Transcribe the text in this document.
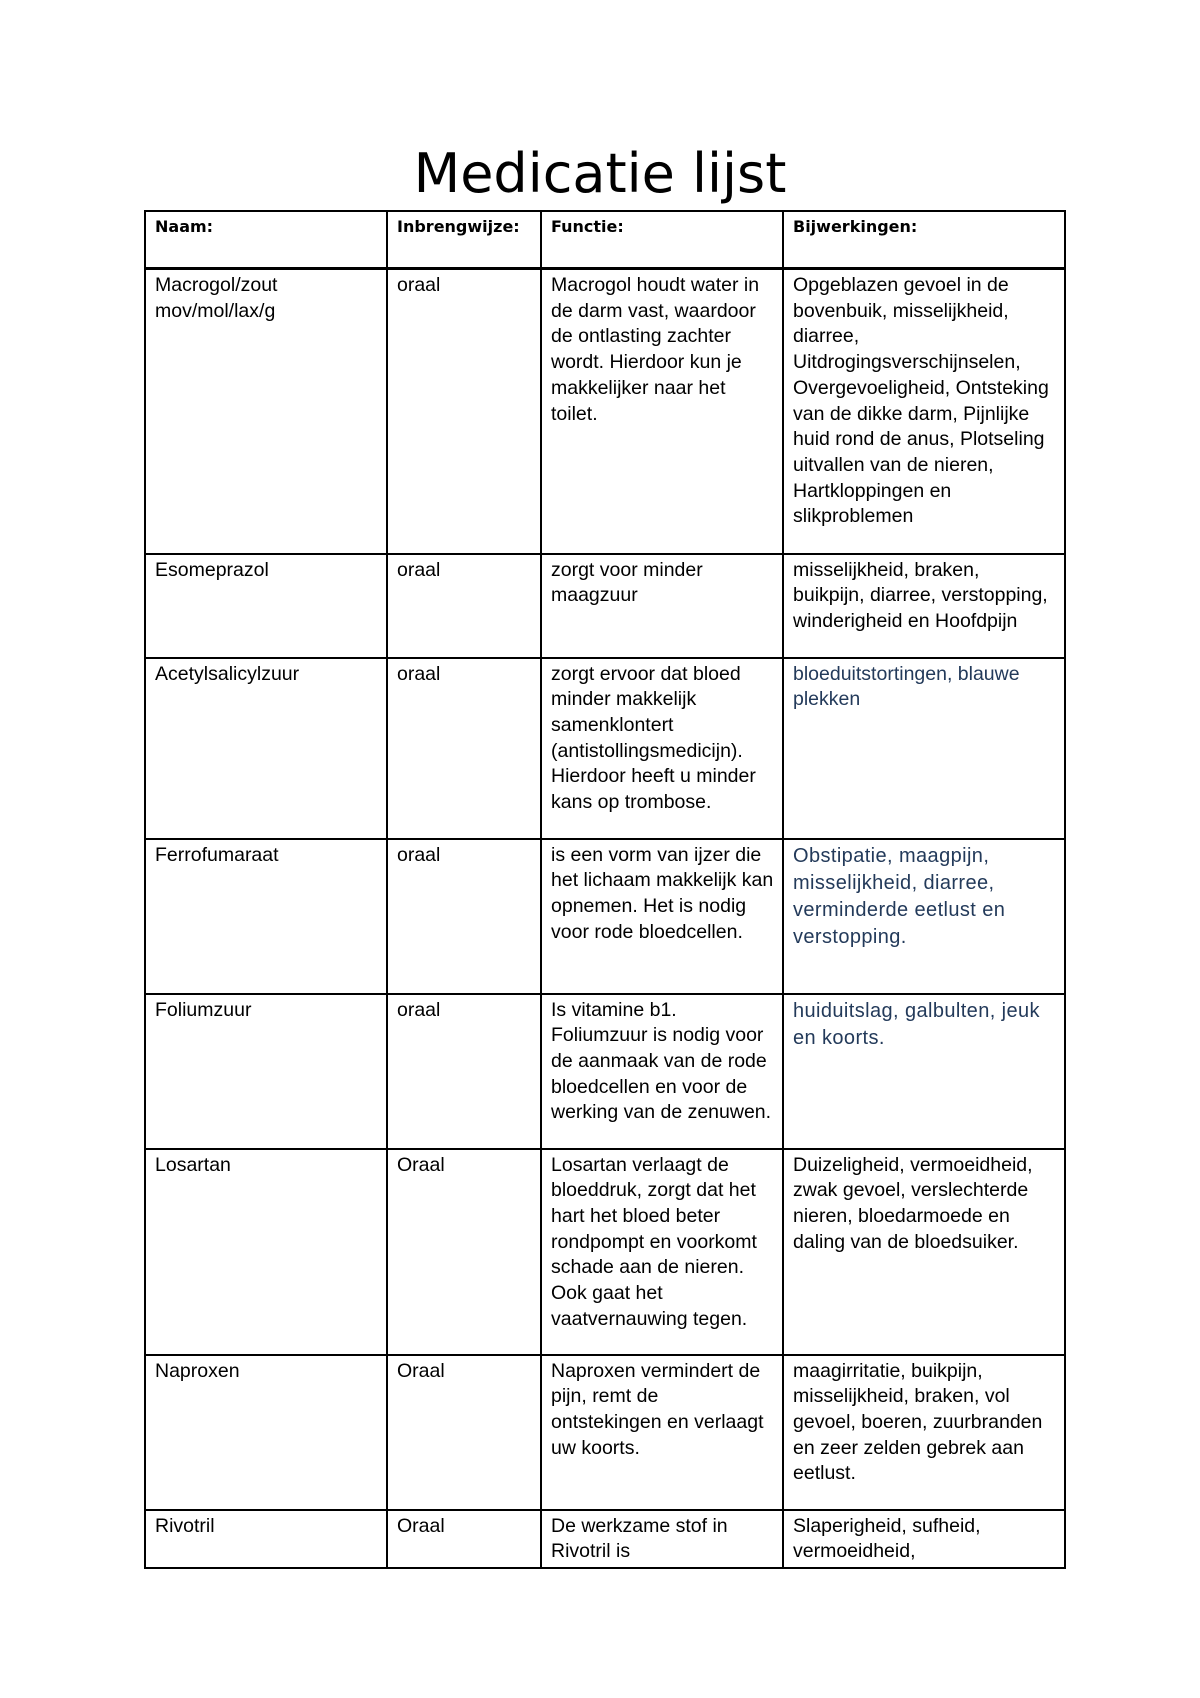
Medicatie lijst
Naam:	Inbrengwijze:	Functie:	Bijwerkingen:
Macrogol/zout mov/mol/lax/g	oraal	Macrogol houdt water in de darm vast, waardoor de ontlasting zachter wordt. Hierdoor kun je makkelijker naar het toilet.	Opgeblazen gevoel in de bovenbuik, misselijkheid, diarree, Uitdrogingsverschijnselen, Overgevoeligheid, Ontsteking van de dikke darm, Pijnlijke huid rond de anus, Plotseling uitvallen van de nieren, Hartkloppingen en slikproblemen
Esomeprazol	oraal	zorgt voor minder maagzuur	misselijkheid, braken, buikpijn, diarree, verstopping, winderigheid en Hoofdpijn
Acetylsalicylzuur	oraal	zorgt ervoor dat bloed minder makkelijk samenklontert (antistollingsmedicijn). Hierdoor heeft u minder kans op trombose.	bloeduitstortingen, blauwe plekken
Ferrofumaraat	oraal	is een vorm van ijzer die het lichaam makkelijk kan opnemen. Het is nodig voor rode bloedcellen.	Obstipatie, maagpijn, misselijkheid, diarree, verminderde eetlust en verstopping.
Foliumzuur	oraal	Is vitamine b1. Foliumzuur is nodig voor de aanmaak van de rode bloedcellen en voor de werking van de zenuwen.	huiduitslag, galbulten, jeuk en koorts.
Losartan	Oraal	Losartan verlaagt de bloeddruk, zorgt dat het hart het bloed beter rondpompt en voorkomt schade aan de nieren. Ook gaat het vaatvernauwing tegen.	Duizeligheid, vermoeidheid, zwak gevoel, verslechterde nieren, bloedarmoede en daling van de bloedsuiker.
Naproxen	Oraal	Naproxen vermindert de pijn, remt de ontstekingen en verlaagt uw koorts.	maagirritatie, buikpijn, misselijkheid, braken, vol gevoel, boeren, zuurbranden en zeer zelden gebrek aan eetlust.
Rivotril	Oraal	De werkzame stof in Rivotril is	Slaperigheid, sufheid, vermoeidheid,
